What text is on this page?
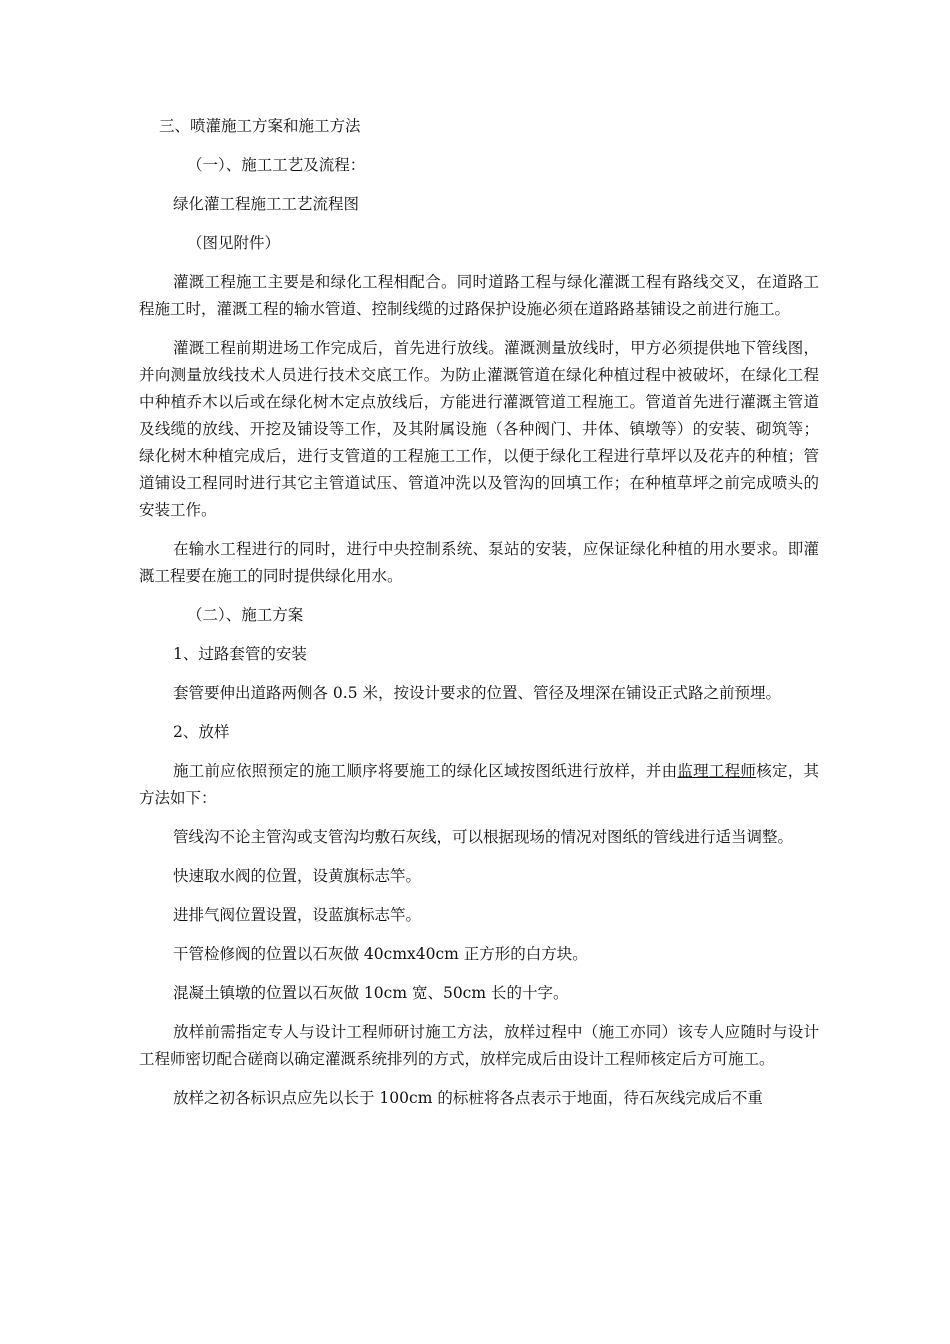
三、喷灌施工方案和施工方法

（一）、施工工艺及流程：

绿化灌工程施工工艺流程图

（图见附件）

灌溉工程施工主要是和绿化工程相配合。同时道路工程与绿化灌溉工程有路线交叉，在道路工程施工时，灌溉工程的输水管道、控制线缆的过路保护设施必须在道路路基铺设之前进行施工。

灌溉工程前期进场工作完成后，首先进行放线。灌溉测量放线时，甲方必须提供地下管线图，并向测量放线技术人员进行技术交底工作。为防止灌溉管道在绿化种植过程中被破坏，在绿化工程中种植乔木以后或在绿化树木定点放线后，方能进行灌溉管道工程施工。管道首先进行灌溉主管道及线缆的放线、开挖及铺设等工作，及其附属设施（各种阀门、井体、镇墩等）的安装、砌筑等；绿化树木种植完成后，进行支管道的工程施工工作，以便于绿化工程进行草坪以及花卉的种植；管道铺设工程同时进行其它主管道试压、管道冲洗以及管沟的回填工作；在种植草坪之前完成喷头的安装工作。

在输水工程进行的同时，进行中央控制系统、泵站的安装，应保证绿化种植的用水要求。即灌溉工程要在施工的同时提供绿化用水。

（二）、施工方案

1、过路套管的安装

套管要伸出道路两侧各 0.5 米，按设计要求的位置、管径及埋深在铺设正式路之前预埋。

2、放样

施工前应依照预定的施工顺序将要施工的绿化区域按图纸进行放样，并由监理工程师核定，其方法如下：

管线沟不论主管沟或支管沟均敷石灰线，可以根据现场的情况对图纸的管线进行适当调整。

快速取水阀的位置，设黄旗标志竿。

进排气阀位置设置，设蓝旗标志竿。

干管检修阀的位置以石灰做 40cmx40cm 正方形的白方块。

混凝土镇墩的位置以石灰做 10cm 宽、50cm 长的十字。

放样前需指定专人与设计工程师研讨施工方法，放样过程中（施工亦同）该专人应随时与设计工程师密切配合磋商以确定灌溉系统排列的方式，放样完成后由设计工程师核定后方可施工。

放样之初各标识点应先以长于 100cm 的标桩将各点表示于地面，待石灰线完成后不重
